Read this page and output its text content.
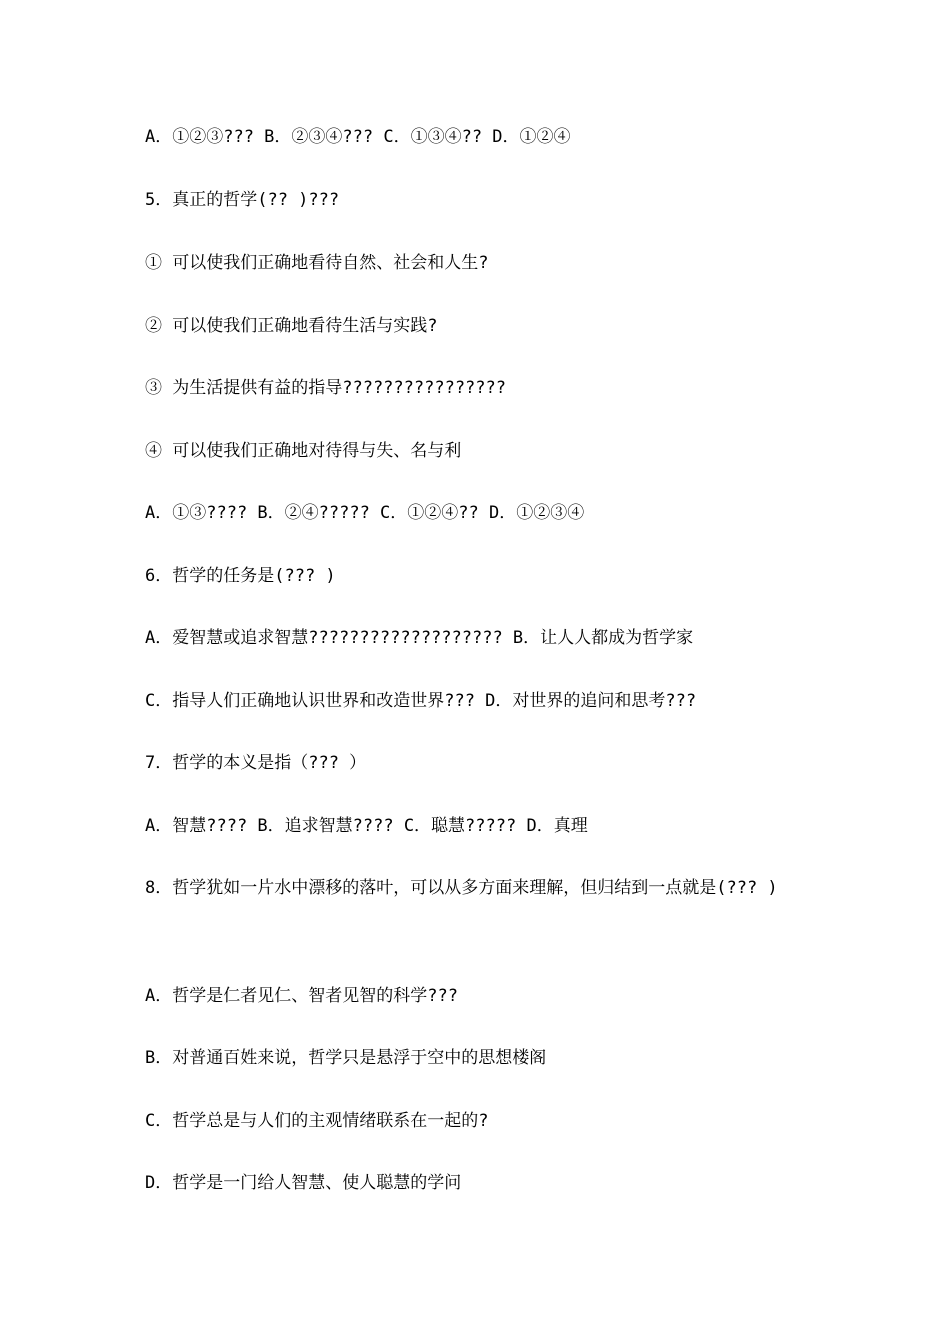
A．①②③??? B．②③④??? C．①③④?? D．①②④
5．真正的哲学(?? )???
① 可以使我们正确地看待自然、社会和人生?
② 可以使我们正确地看待生活与实践?
③ 为生活提供有益的指导????????????????
④ 可以使我们正确地对待得与失、名与利
A．①③???? B．②④????? C．①②④?? D．①②③④
6．哲学的任务是(??? )
A．爱智慧或追求智慧??????????????????? B．让人人都成为哲学家
C．指导人们正确地认识世界和改造世界??? D．对世界的追问和思考???
7．哲学的本义是指（??? ）
A．智慧???? B．追求智慧???? C．聪慧????? D．真理
8．哲学犹如一片水中漂移的落叶，可以从多方面来理解，但归结到一点就是(??? )
A．哲学是仁者见仁、智者见智的科学???
B．对普通百姓来说，哲学只是悬浮于空中的思想楼阁
C．哲学总是与人们的主观情绪联系在一起的?
D．哲学是一门给人智慧、使人聪慧的学问
